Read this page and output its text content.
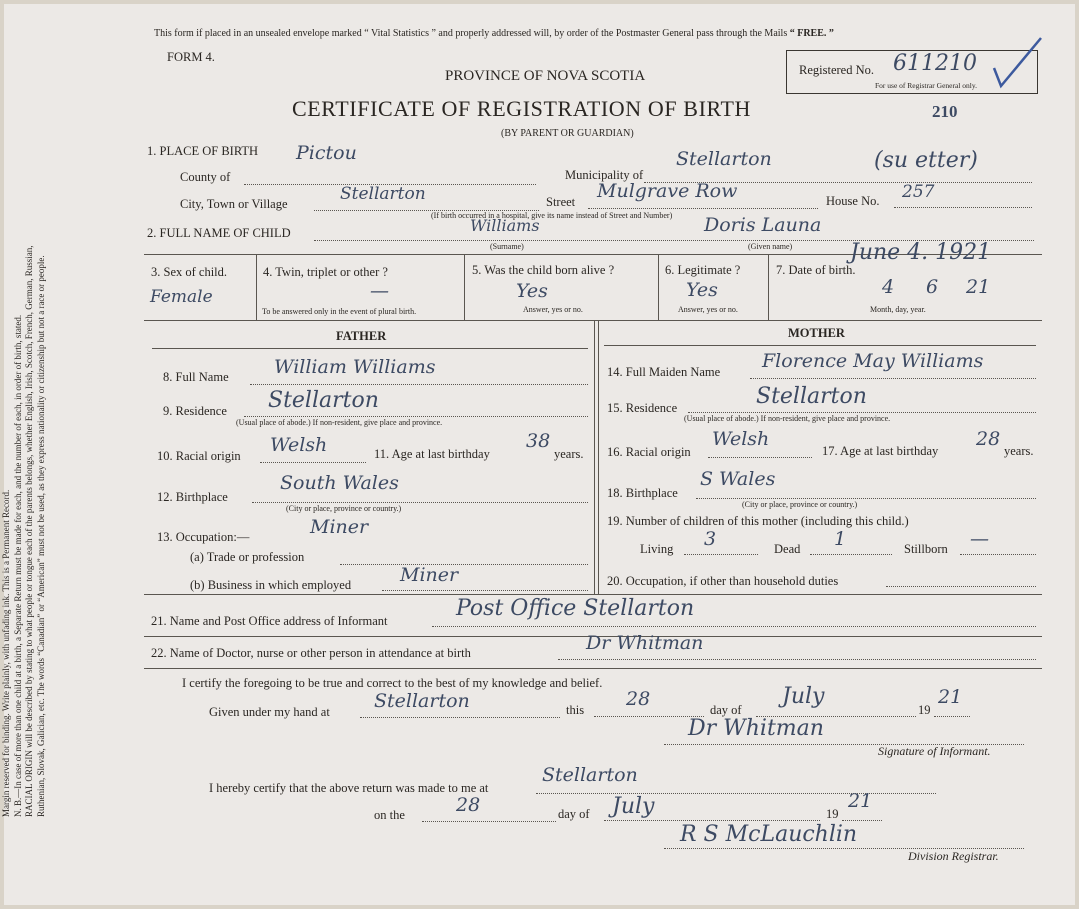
Margin reserved for binding. Write plainly, with unfading ink. This is a Permanent Record. N. B.—In case of more than one child at a birth, a Separate Return must be made for each, and the number of each, in order of birth, stated. RACIAL ORIGIN will be described by stating to what people or tongue each of the parents belongs, whether English, Irish, Scotch, French, German, Russian, Ruthenian, Slovak, Galician, etc. The words “Canadian” or “American” must not be used, as they express nationality or citizenship but not a race or people.
This form if placed in an unsealed envelope marked “ Vital Statistics ” and properly addressed will, by order of the Postmaster General pass through the Mails “ FREE. ”
FORM 4.
PROVINCE OF NOVA SCOTIA
CERTIFICATE OF REGISTRATION OF BIRTH
(BY PARENT OR GUARDIAN)
Registered No. 611210
For use of Registrar General only.
210
1. PLACE OF BIRTH
County of
Pictou
Municipality of
Stellarton	(su etter)
City, Town or Village	Stellarton	Street Mulgrave Row	House No. 257
(If birth occurred in a hospital, give its name instead of Street and Number)
2. FULL NAME OF CHILD	Williams	Doris Launa
(Surname)	(Given name)
3. Sex of child.
Female
4. Twin, triplet or other ?
—
To be answered only in the event of plural birth.
5. Was the child born alive ?
Yes
Answer, yes or no.
6. Legitimate ?
Yes
Answer, yes or no.
7. Date of birth.
June 4. 1921
4 6 21
Month, day, year.
FATHER
8. Full Name William Williams
9. Residence Stellarton
(Usual place of abode.) If non-resident, give place and province.
10. Racial origin Welsh	11. Age at last birthday
38
years.
12. Birthplace
South Wales
(City or place, province or country.)
13. Occupation:—	Miner
(a) Trade or profession
(b) Business in which employed	Miner
MOTHER
14. Full Maiden Name Florence May Williams
15. Residence	Stellarton
(Usual place of abode.) If non-resident, give place and province.
16. Racial origin
Welsh
17. Age at last birthday
28
years.
18. Birthplace
S Wales
(City or place, province or country.)
19. Number of children of this mother (including this child.)
Living 3	Dead 1	Stillborn —
20. Occupation, if other than household duties
21. Name and Post Office address of Informant	Post Office Stellarton
22. Name of Doctor, nurse or other person in attendance at birth	Dr Whitman
I certify the foregoing to be true and correct to the best of my knowledge and belief.
Given under my hand at Stellarton	this 28	day of
July
19
21
Dr Whitman
Signature of Informant.
I hereby certify that the above return was made to me at
Stellarton
on the	28	day of July	19
21
R S McLauchlin
Division Registrar.
